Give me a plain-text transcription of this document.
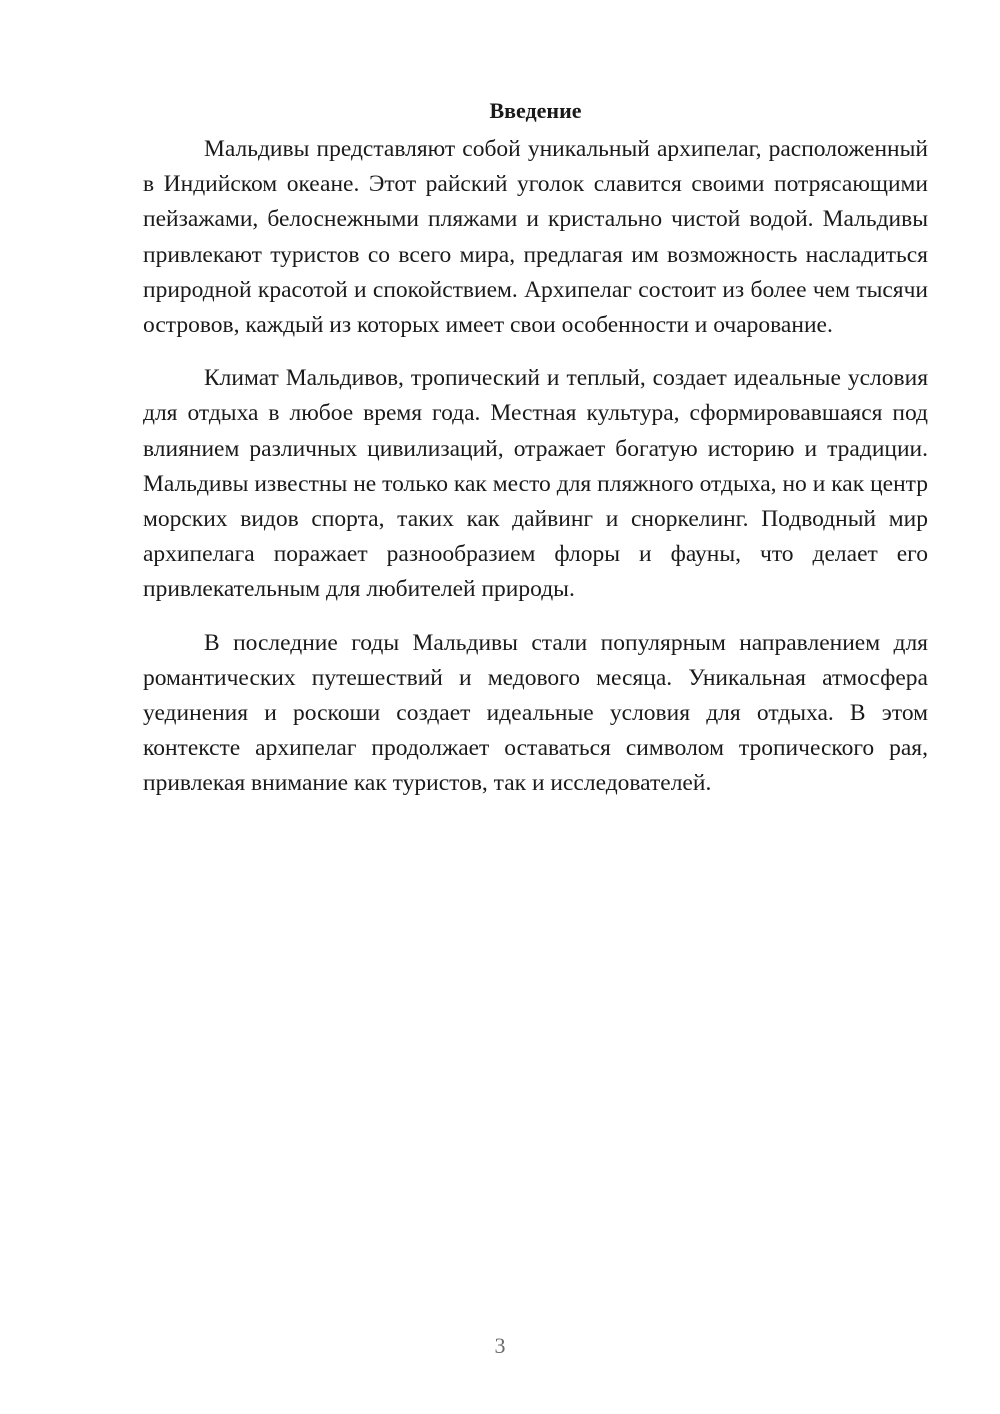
Введение

Мальдивы представляют собой уникальный архипелаг, расположенный в Индийском океане. Этот райский уголок славится своими потрясающими пейзажами, белоснежными пляжами и кристально чистой водой. Мальдивы привлекают туристов со всего мира, предлагая им возможность насладиться природной красотой и спокойствием. Архипелаг состоит из более чем тысячи островов, каждый из которых имеет свои особенности и очарование.

Климат Мальдивов, тропический и теплый, создает идеальные условия для отдыха в любое время года. Местная культура, сформировавшаяся под влиянием различных цивилизаций, отражает богатую историю и традиции. Мальдивы известны не только как место для пляжного отдыха, но и как центр морских видов спорта, таких как дайвинг и сноркелинг. Подводный мир архипелага поражает разнообразием флоры и фауны, что делает его привлекательным для любителей природы.

В последние годы Мальдивы стали популярным направлением для романтических путешествий и медового месяца. Уникальная атмосфера уединения и роскоши создает идеальные условия для отдыха. В этом контексте архипелаг продолжает оставаться символом тропического рая, привлекая внимание как туристов, так и исследователей.

3
